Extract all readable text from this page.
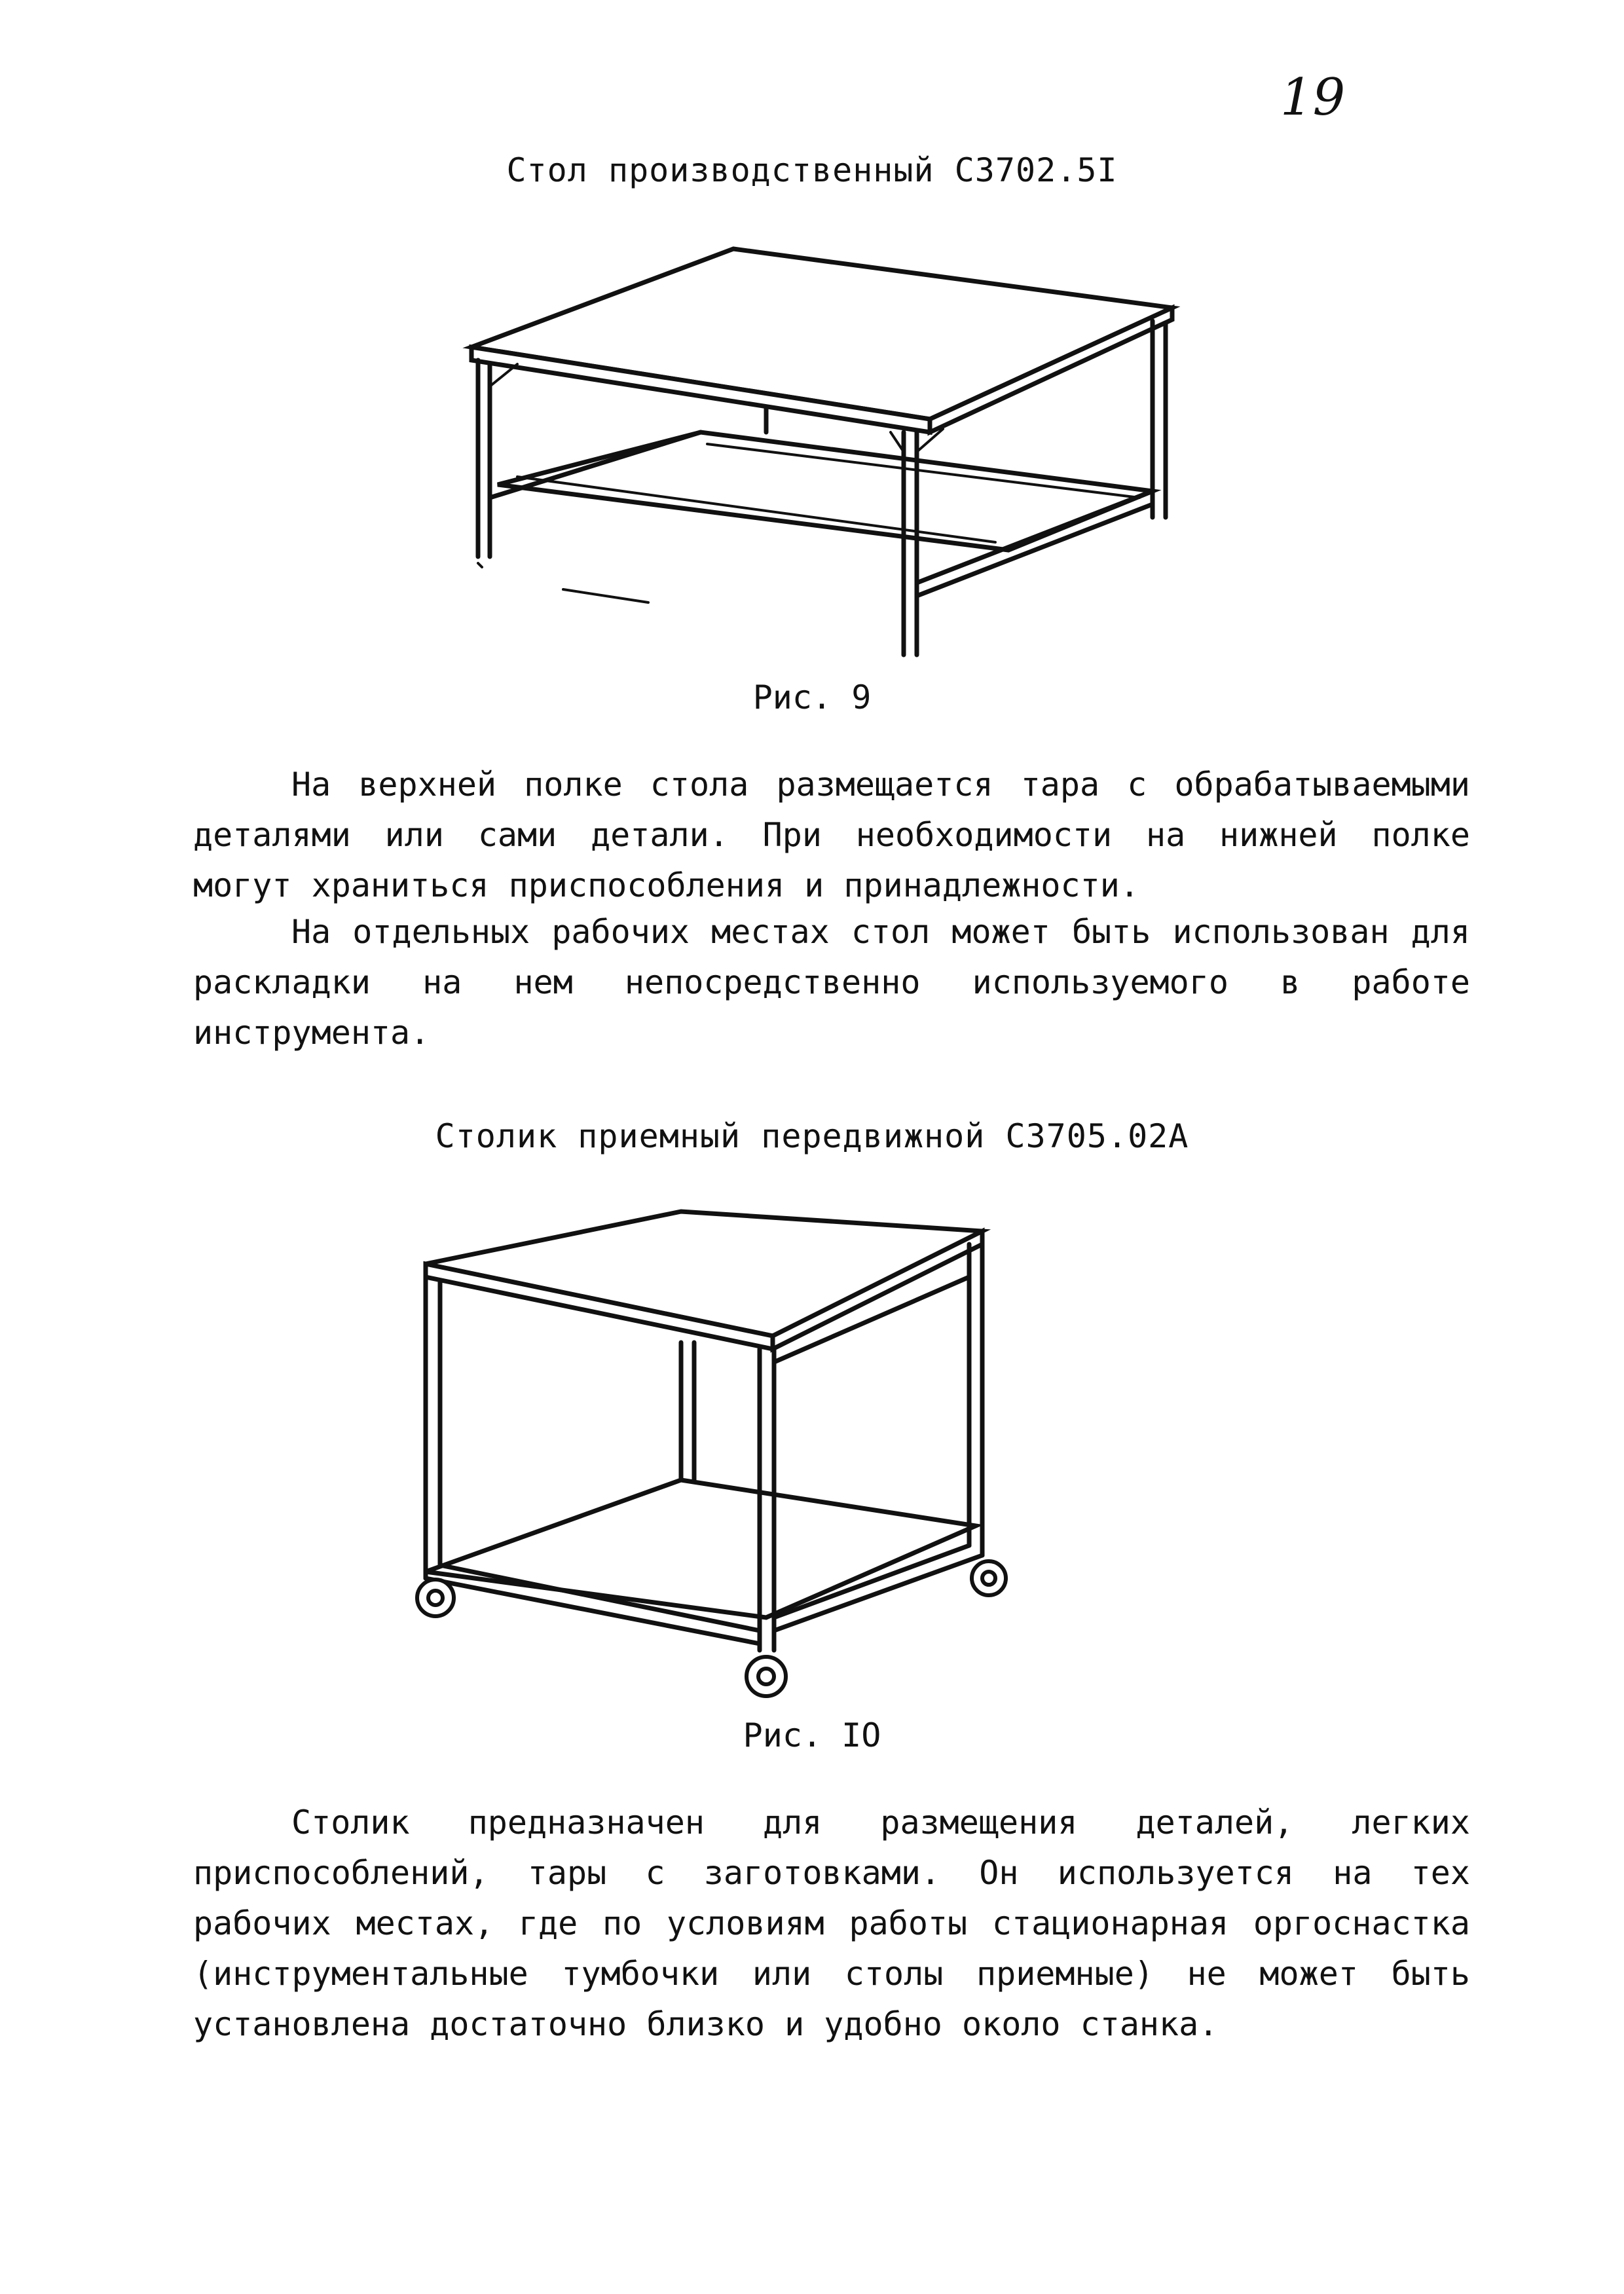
19
Стол производственный С3702.5I
Рис. 9

На верхней полке стола размещается тара с обрабатываемыми деталями или сами детали. При необходимости на нижней полке могут храниться приспособления и принадлежности.

На отдельных рабочих местах стол может быть использован для раскладки на нем непосредственно используемого в работе инструмента.

Столик приемный передвижной С3705.02А
Рис. IO

Столик предназначен для размещения деталей, легких приспособлений, тары с заготовками. Он используется на тех рабочих местах, где по условиям работы стационарная оргоснастка (инструментальные тумбочки или столы приемные) не может быть установлена достаточно близко и удобно около станка.
